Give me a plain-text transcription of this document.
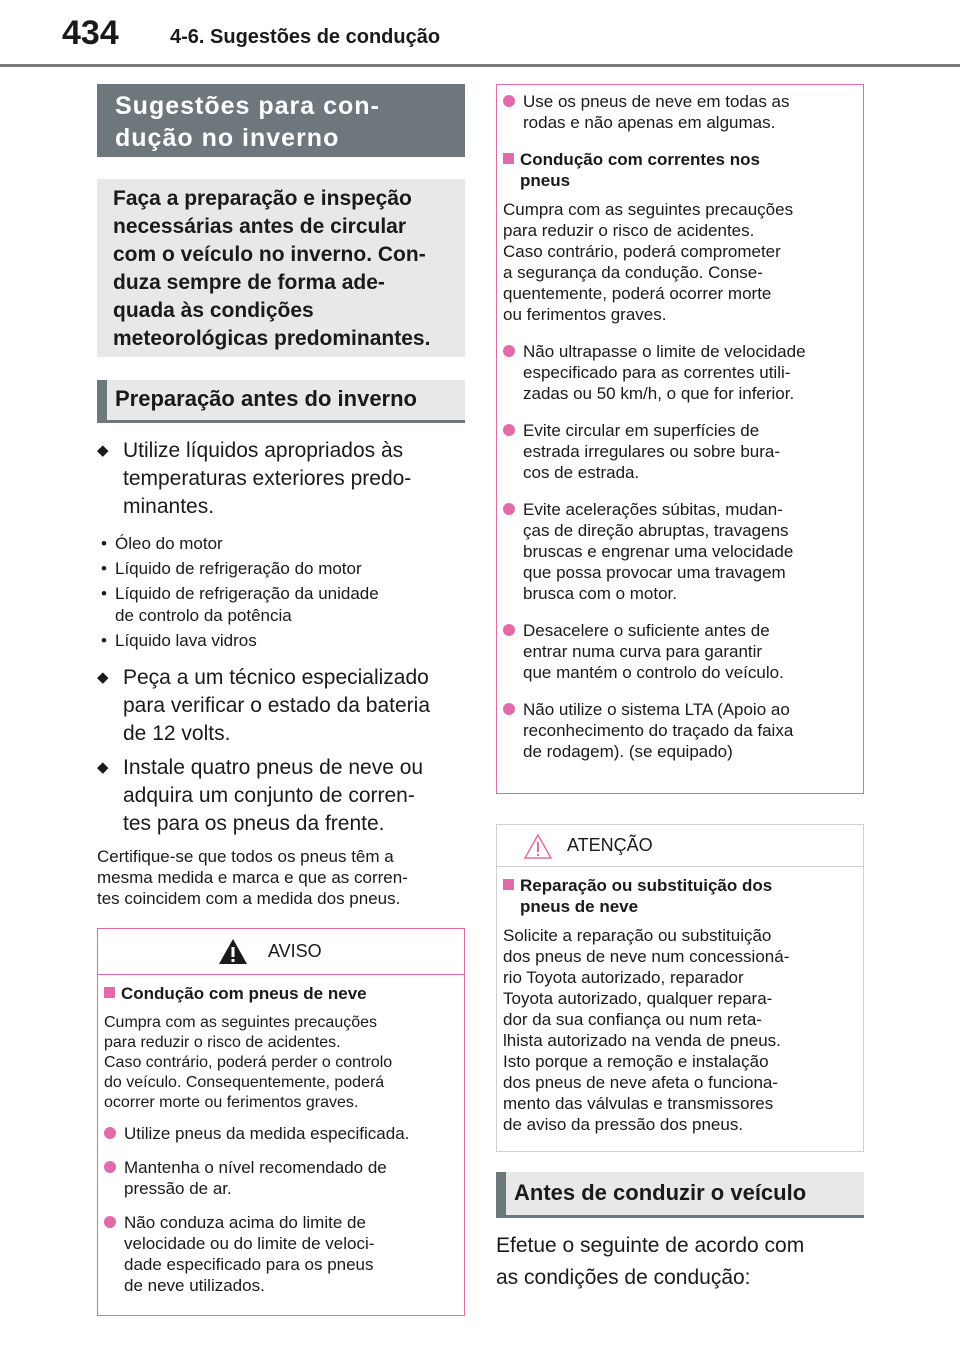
434	4-6. Sugestões de condução
Sugestões para con-
dução no inverno
Faça a preparação e inspeção
necessárias antes de circular
com o veículo no inverno. Con-
duza sempre de forma ade-
quada às condições
meteorológicas predominantes.
Preparação antes do inverno
◆ Utilize líquidos apropriados às
temperaturas exteriores predo-
minantes.
• Óleo do motor
• Líquido de refrigeração do motor
• Líquido de refrigeração da unidade
de controlo da potência
• Líquido lava vidros
◆ Peça a um técnico especializado
para verificar o estado da bateria
de 12 volts.
◆ Instale quatro pneus de neve ou
adquira um conjunto de corren-
tes para os pneus da frente.
Certifique-se que todos os pneus têm a
mesma medida e marca e que as corren-
tes coincidem com a medida dos pneus.
AVISO
Condução com pneus de neve
Cumpra com as seguintes precauções
para reduzir o risco de acidentes.
Caso contrário, poderá perder o controlo
do veículo. Consequentemente, poderá
ocorrer morte ou ferimentos graves.
Utilize pneus da medida especificada.
Mantenha o nível recomendado de
pressão de ar.
Não conduza acima do limite de
velocidade ou do limite de veloci-
dade especificado para os pneus
de neve utilizados.
Use os pneus de neve em todas as
rodas e não apenas em algumas.
Condução com correntes nos
pneus
Cumpra com as seguintes precauções
para reduzir o risco de acidentes.
Caso contrário, poderá comprometer
a segurança da condução. Conse-
quentemente, poderá ocorrer morte
ou ferimentos graves.
Não ultrapasse o limite de velocidade
especificado para as correntes utili-
zadas ou 50 km/h, o que for inferior.
Evite circular em superfícies de
estrada irregulares ou sobre bura-
cos de estrada.
Evite acelerações súbitas, mudan-
ças de direção abruptas, travagens
bruscas e engrenar uma velocidade
que possa provocar uma travagem
brusca com o motor.
Desacelere o suficiente antes de
entrar numa curva para garantir
que mantém o controlo do veículo.
Não utilize o sistema LTA (Apoio ao
reconhecimento do traçado da faixa
de rodagem). (se equipado)
ATENÇÃO
Reparação ou substituição dos
pneus de neve
Solicite a reparação ou substituição
dos pneus de neve num concessioná-
rio Toyota autorizado, reparador
Toyota autorizado, qualquer repara-
dor da sua confiança ou num reta-
lhista autorizado na venda de pneus.
Isto porque a remoção e instalação
dos pneus de neve afeta o funciona-
mento das válvulas e transmissores
de aviso da pressão dos pneus.
Antes de conduzir o veículo
Efetue o seguinte de acordo com
as condições de condução:
